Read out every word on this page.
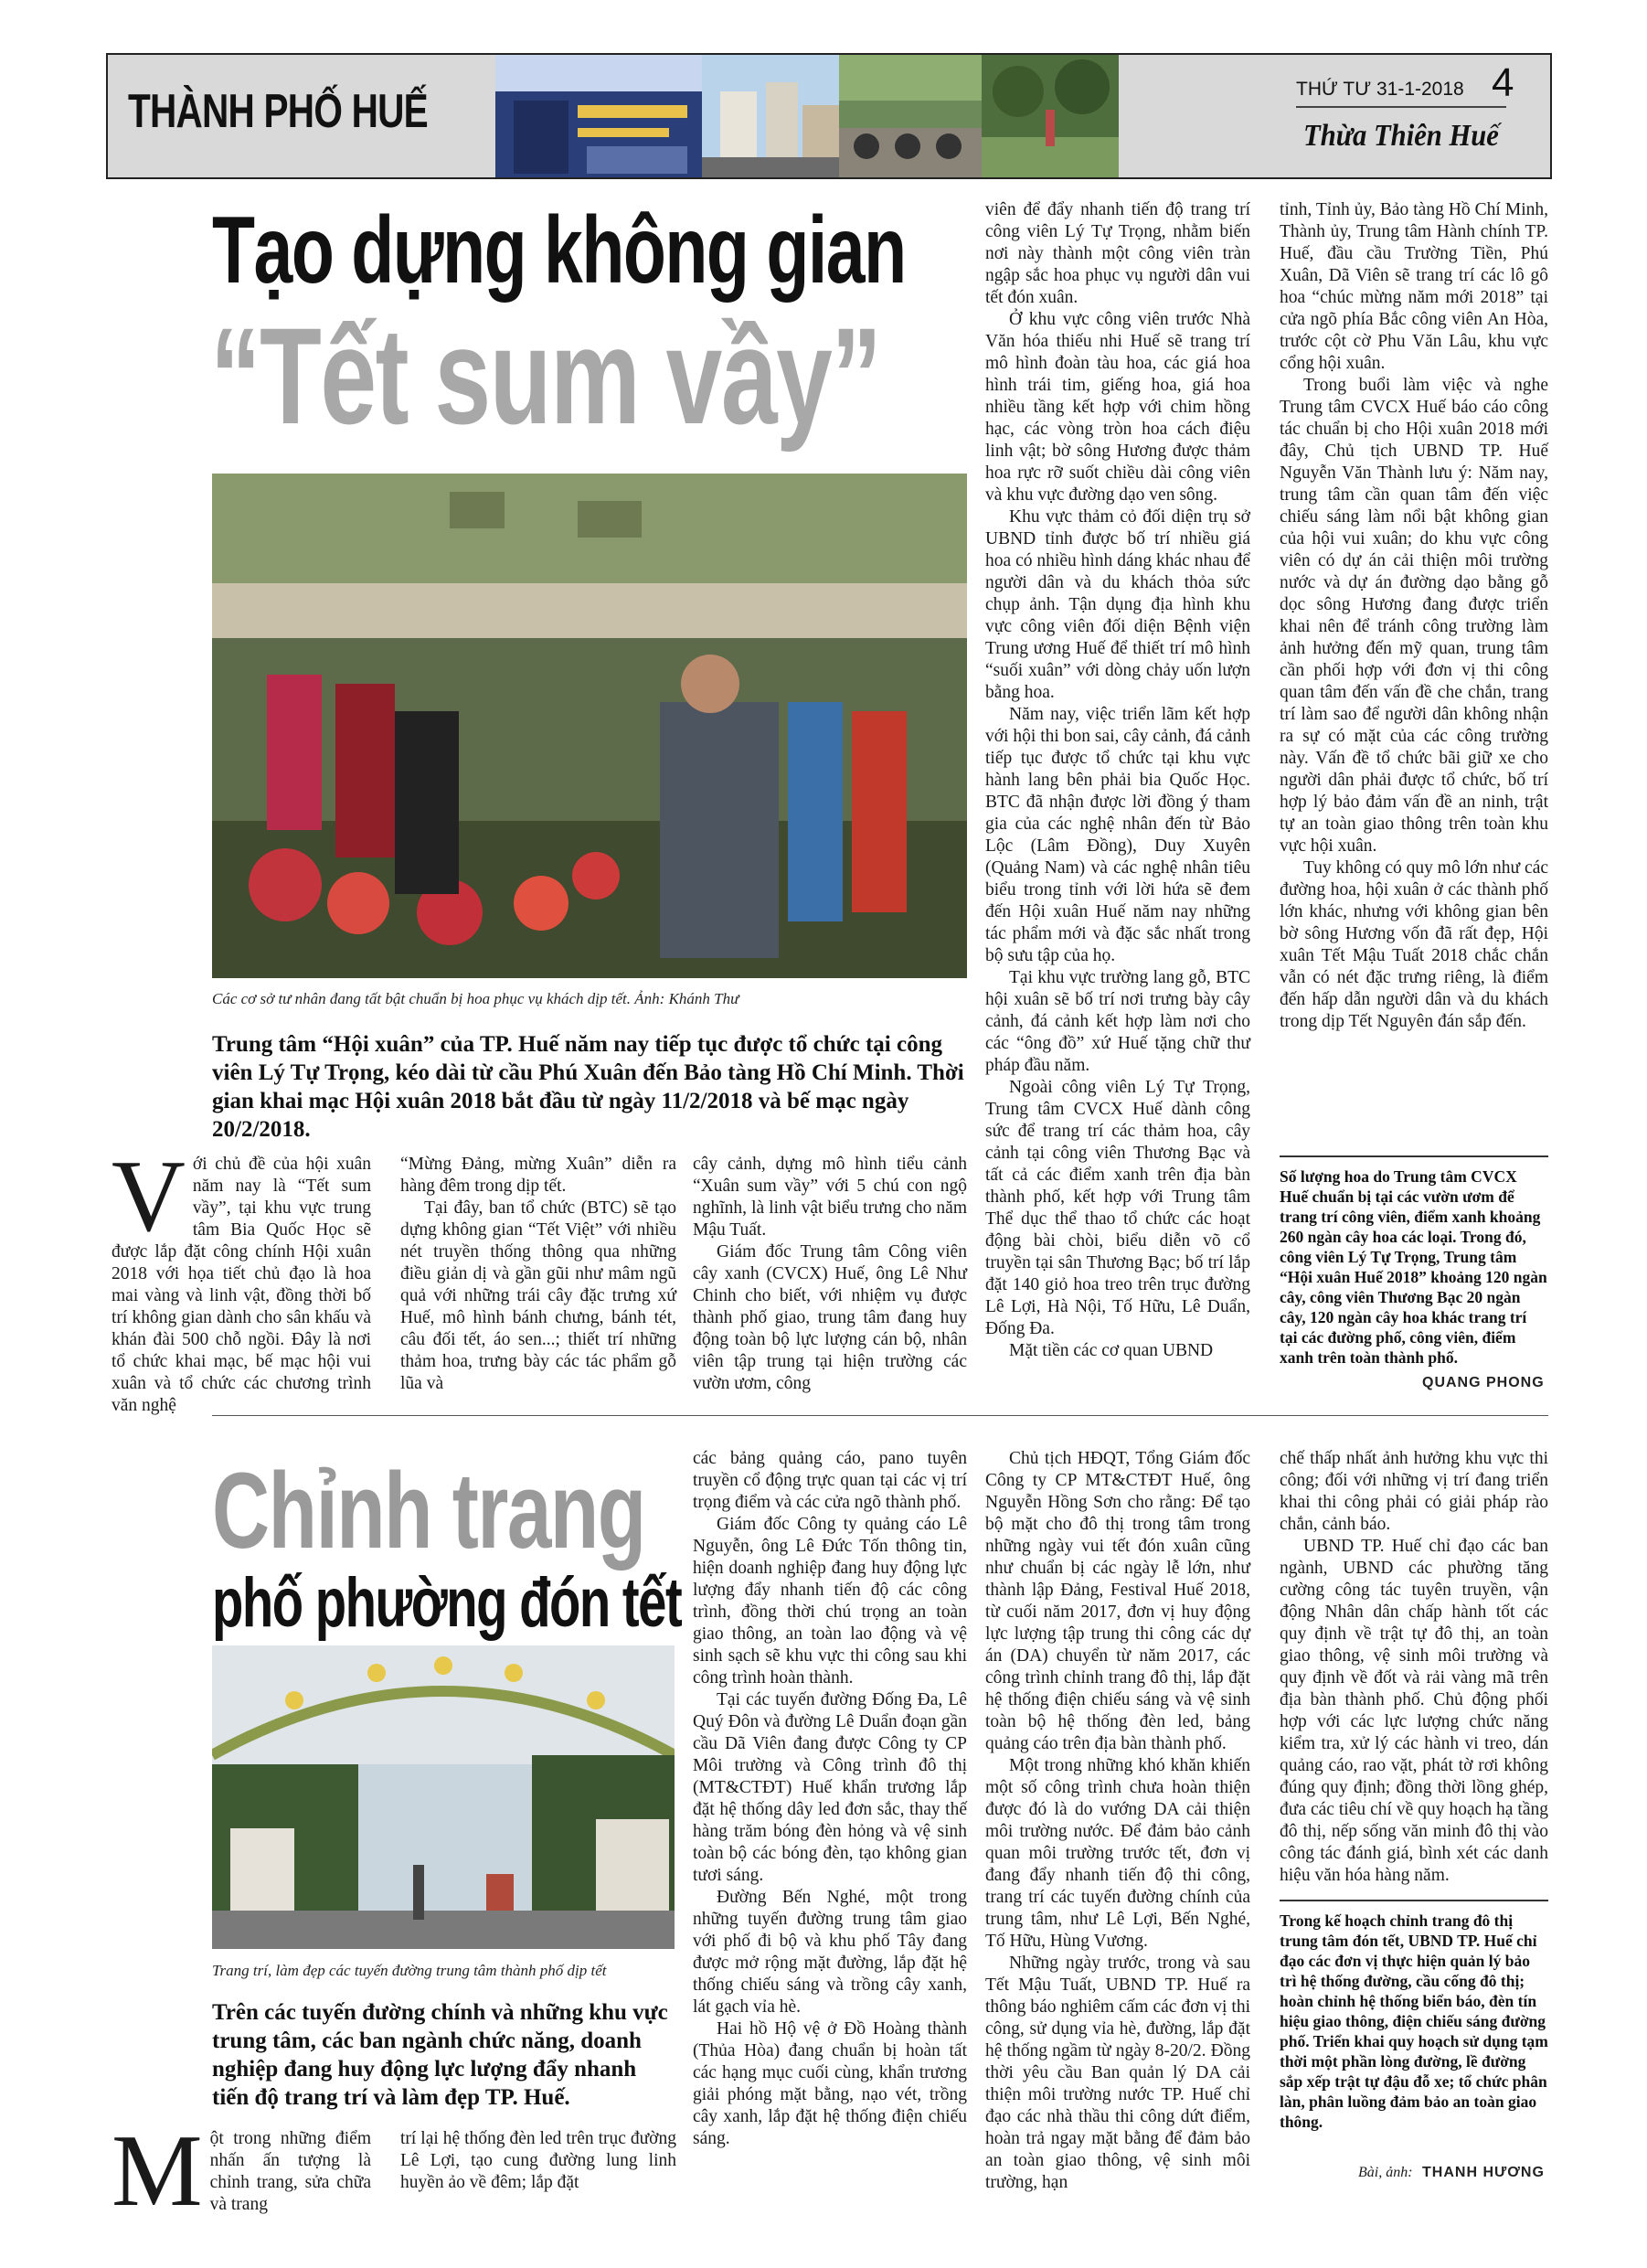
THÀNH PHỐ HUẾ	THỨ TƯ 31-1-2018 4
Thừa Thiên Huế
Tạo dựng không gian
“Tết sum vầy”
Các cơ sở tư nhân đang tất bật chuẩn bị hoa phục vụ khách dịp tết. Ảnh: Khánh Thư
Trung tâm “Hội xuân” của TP. Huế năm nay tiếp tục được tổ chức tại công viên Lý Tự Trọng, kéo dài từ cầu Phú Xuân đến Bảo tàng Hồ Chí Minh. Thời gian khai mạc Hội xuân 2018 bắt đầu từ ngày 11/2/2018 và bế mạc ngày 20/2/2018.
V ới chủ đề của hội xuân năm nay là “Tết sum vầy”, tại khu vực trung tâm Bia Quốc Học sẽ được lắp đặt công chính Hội xuân 2018 với họa tiết chủ đạo là hoa mai vàng và linh vật, đồng thời bố trí không gian dành cho sân khấu và khán đài 500 chỗ ngồi. Đây là nơi tổ chức khai mạc, bế mạc hội vui xuân và tổ chức các chương trình văn nghệ

“Mừng Đảng, mừng Xuân” diễn ra hàng đêm trong dịp tết.

Tại đây, ban tổ chức (BTC) sẽ tạo dựng không gian “Tết Việt” với nhiều nét truyền thống thông qua những điều giản dị và gần gũi như mâm ngũ quả với những trái cây đặc trưng xứ Huế, mô hình bánh chưng, bánh tét, câu đối tết, áo sen...; thiết trí những thảm hoa, trưng bày các tác phẩm gỗ lũa và

cây cảnh, dựng mô hình tiểu cảnh “Xuân sum vầy” với 5 chú con ngộ nghĩnh, là linh vật biểu trưng cho năm Mậu Tuất.

Giám đốc Trung tâm Công viên cây xanh (CVCX) Huế, ông Lê Như Chinh cho biết, với nhiệm vụ được thành phố giao, trung tâm đang huy động toàn bộ lực lượng cán bộ, nhân viên tập trung tại hiện trường các vườn ươm, công

viên để đẩy nhanh tiến độ trang trí công viên Lý Tự Trọng, nhằm biến nơi này thành một công viên tràn ngập sắc hoa phục vụ người dân vui tết đón xuân.

Ở khu vực công viên trước Nhà Văn hóa thiếu nhi Huế sẽ trang trí mô hình đoàn tàu hoa, các giá hoa hình trái tim, giếng hoa, giá hoa nhiều tầng kết hợp với chim hồng hạc, các vòng tròn hoa cách điệu linh vật; bờ sông Hương được thảm hoa rực rỡ suốt chiều dài công viên và khu vực đường dạo ven sông.

Khu vực thảm cỏ đối diện trụ sở UBND tỉnh được bố trí nhiều giá hoa có nhiều hình dáng khác nhau để người dân và du khách thỏa sức chụp ảnh. Tận dụng địa hình khu vực công viên đối diện Bệnh viện Trung ương Huế để thiết trí mô hình “suối xuân” với dòng chảy uốn lượn bằng hoa.

Năm nay, việc triển lãm kết hợp với hội thi bon sai, cây cảnh, đá cảnh tiếp tục được tổ chức tại khu vực hành lang bên phải bia Quốc Học. BTC đã nhận được lời đồng ý tham gia của các nghệ nhân đến từ Bảo Lộc (Lâm Đồng), Duy Xuyên (Quảng Nam) và các nghệ nhân tiêu biểu trong tỉnh với lời hứa sẽ đem đến Hội xuân Huế năm nay những tác phẩm mới và đặc sắc nhất trong bộ sưu tập của họ.

Tại khu vực trường lang gỗ, BTC hội xuân sẽ bố trí nơi trưng bày cây cảnh, đá cảnh kết hợp làm nơi cho các “ông đồ” xứ Huế tặng chữ thư pháp đầu năm.

Ngoài công viên Lý Tự Trọng, Trung tâm CVCX Huế dành công sức để trang trí các thảm hoa, cây cảnh tại công viên Thương Bạc và tất cả các điểm xanh trên địa bàn thành phố, kết hợp với Trung tâm Thể dục thể thao tổ chức các hoạt động bài chòi, biểu diễn võ cổ truyền tại sân Thương Bạc; bố trí lắp đặt 140 giỏ hoa treo trên trục đường Lê Lợi, Hà Nội, Tố Hữu, Lê Duẩn, Đống Đa.

Mặt tiền các cơ quan UBND

tỉnh, Tỉnh ủy, Bảo tàng Hồ Chí Minh, Thành ủy, Trung tâm Hành chính TP. Huế, đầu cầu Trường Tiền, Phú Xuân, Dã Viên sẽ trang trí các lô gô hoa “chúc mừng năm mới 2018” tại cửa ngõ phía Bắc công viên An Hòa, trước cột cờ Phu Văn Lâu, khu vực cổng hội xuân.

Trong buổi làm việc và nghe Trung tâm CVCX Huế báo cáo công tác chuẩn bị cho Hội xuân 2018 mới đây, Chủ tịch UBND TP. Huế Nguyễn Văn Thành lưu ý: Năm nay, trung tâm cần quan tâm đến việc chiếu sáng làm nổi bật không gian của hội vui xuân; do khu vực công viên có dự án cải thiện môi trường nước và dự án đường dạo bằng gỗ dọc sông Hương đang được triển khai nên để tránh công trường làm ảnh hưởng đến mỹ quan, trung tâm cần phối hợp với đơn vị thi công quan tâm đến vấn đề che chắn, trang trí làm sao để người dân không nhận ra sự có mặt của các công trường này. Vấn đề tổ chức bãi giữ xe cho người dân phải được tổ chức, bố trí hợp lý bảo đảm vấn đề an ninh, trật tự an toàn giao thông trên toàn khu vực hội xuân.

Tuy không có quy mô lớn như các đường hoa, hội xuân ở các thành phố lớn khác, nhưng với không gian bên bờ sông Hương vốn đã rất đẹp, Hội xuân Tết Mậu Tuất 2018 chắc chắn vẫn có nét đặc trưng riêng, là điểm đến hấp dẫn người dân và du khách trong dịp Tết Nguyên đán sắp đến.

Số lượng hoa do Trung tâm CVCX Huế chuẩn bị tại các vườn ươm để trang trí công viên, điểm xanh khoảng 260 ngàn cây hoa các loại. Trong đó, công viên Lý Tự Trọng, Trung tâm “Hội xuân Huế 2018” khoảng 120 ngàn cây, công viên Thương Bạc 20 ngàn cây, 120 ngàn cây hoa khác trang trí tại các đường phố, công viên, điểm xanh trên toàn thành phố.
QUANG PHONG
Chỉnh trang
phố phường đón tết
Trang trí, làm đẹp các tuyến đường trung tâm thành phố dịp tết
Trên các tuyến đường chính và những khu vực trung tâm, các ban ngành chức năng, doanh nghiệp đang huy động lực lượng đẩy nhanh tiến độ trang trí và làm đẹp TP. Huế.
M ột trong những điểm nhấn ấn tượng là chỉnh trang, sửa chữa và trang

trí lại hệ thống đèn led trên trục đường Lê Lợi, tạo cung đường lung linh huyền ảo về đêm; lắp đặt

các bảng quảng cáo, pano tuyên truyền cổ động trực quan tại các vị trí trọng điểm và các cửa ngõ thành phố.

Giám đốc Công ty quảng cáo Lê Nguyễn, ông Lê Đức Tốn thông tin, hiện doanh nghiệp đang huy động lực lượng đẩy nhanh tiến độ các công trình, đồng thời chú trọng an toàn giao thông, an toàn lao động và vệ sinh sạch sẽ khu vực thi công sau khi công trình hoàn thành.

Tại các tuyến đường Đống Đa, Lê Quý Đôn và đường Lê Duẩn đoạn gần cầu Dã Viên đang được Công ty CP Môi trường và Công trình đô thị (MT&CTĐT) Huế khẩn trương lắp đặt hệ thống dây led đơn sắc, thay thế hàng trăm bóng đèn hỏng và vệ sinh toàn bộ các bóng đèn, tạo không gian tươi sáng.

Đường Bến Nghé, một trong những tuyến đường trung tâm giao với phố đi bộ và khu phố Tây đang được mở rộng mặt đường, lắp đặt hệ thống chiếu sáng và trồng cây xanh, lát gạch vỉa hè.

Hai hồ Hộ vệ ở Đồ Hoàng thành (Thủa Hòa) đang chuẩn bị hoàn tất các hạng mục cuối cùng, khẩn trương giải phóng mặt bằng, nạo vét, trồng cây xanh, lắp đặt hệ thống điện chiếu sáng.

Chủ tịch HĐQT, Tổng Giám đốc Công ty CP MT&CTĐT Huế, ông Nguyễn Hồng Sơn cho rằng: Để tạo bộ mặt cho đô thị trong tâm trong những ngày vui tết đón xuân cũng như chuẩn bị các ngày lễ lớn, như thành lập Đảng, Festival Huế 2018, từ cuối năm 2017, đơn vị huy động lực lượng tập trung thi công các dự án (DA) chuyển từ năm 2017, các công trình chỉnh trang đô thị, lắp đặt hệ thống điện chiếu sáng và vệ sinh toàn bộ hệ thống đèn led, bảng quảng cáo trên địa bàn thành phố.

Một trong những khó khăn khiến một số công trình chưa hoàn thiện được đó là do vướng DA cải thiện môi trường nước. Để đảm bảo cảnh quan môi trường trước tết, đơn vị đang đẩy nhanh tiến độ thi công, trang trí các tuyến đường chính của trung tâm, như Lê Lợi, Bến Nghé, Tố Hữu, Hùng Vương.

Những ngày trước, trong và sau Tết Mậu Tuất, UBND TP. Huế ra thông báo nghiêm cấm các đơn vị thi công, sử dụng vỉa hè, đường, lắp đặt hệ thống ngầm từ ngày 8-20/2. Đồng thời yêu cầu Ban quản lý DA cải thiện môi trường nước TP. Huế chỉ đạo các nhà thầu thi công dứt điểm, hoàn trả ngay mặt bằng để đảm bảo an toàn giao thông, vệ sinh môi trường, hạn

chế thấp nhất ảnh hưởng khu vực thi công; đối với những vị trí đang triển khai thi công phải có giải pháp rào chắn, cảnh báo.

UBND TP. Huế chỉ đạo các ban ngành, UBND các phường tăng cường công tác tuyên truyền, vận động Nhân dân chấp hành tốt các quy định về trật tự đô thị, an toàn giao thông, vệ sinh môi trường và quy định về đốt và rải vàng mã trên địa bàn thành phố. Chủ động phối hợp với các lực lượng chức năng kiểm tra, xử lý các hành vi treo, dán quảng cáo, rao vặt, phát tờ rơi không đúng quy định; đồng thời lồng ghép, đưa các tiêu chí về quy hoạch hạ tầng đô thị, nếp sống văn minh đô thị vào công tác đánh giá, bình xét các danh hiệu văn hóa hàng năm.

Trong kế hoạch chỉnh trang đô thị trung tâm đón tết, UBND TP. Huế chỉ đạo các đơn vị thực hiện quản lý bảo trì hệ thống đường, cầu cống đô thị; hoàn chỉnh hệ thống biển báo, đèn tín hiệu giao thông, điện chiếu sáng đường phố. Triển khai quy hoạch sử dụng tạm thời một phần lòng đường, lề đường sắp xếp trật tự đậu đỗ xe; tổ chức phân làn, phân luồng đảm bảo an toàn giao thông.
Bài, ảnh: THANH HƯƠNG
